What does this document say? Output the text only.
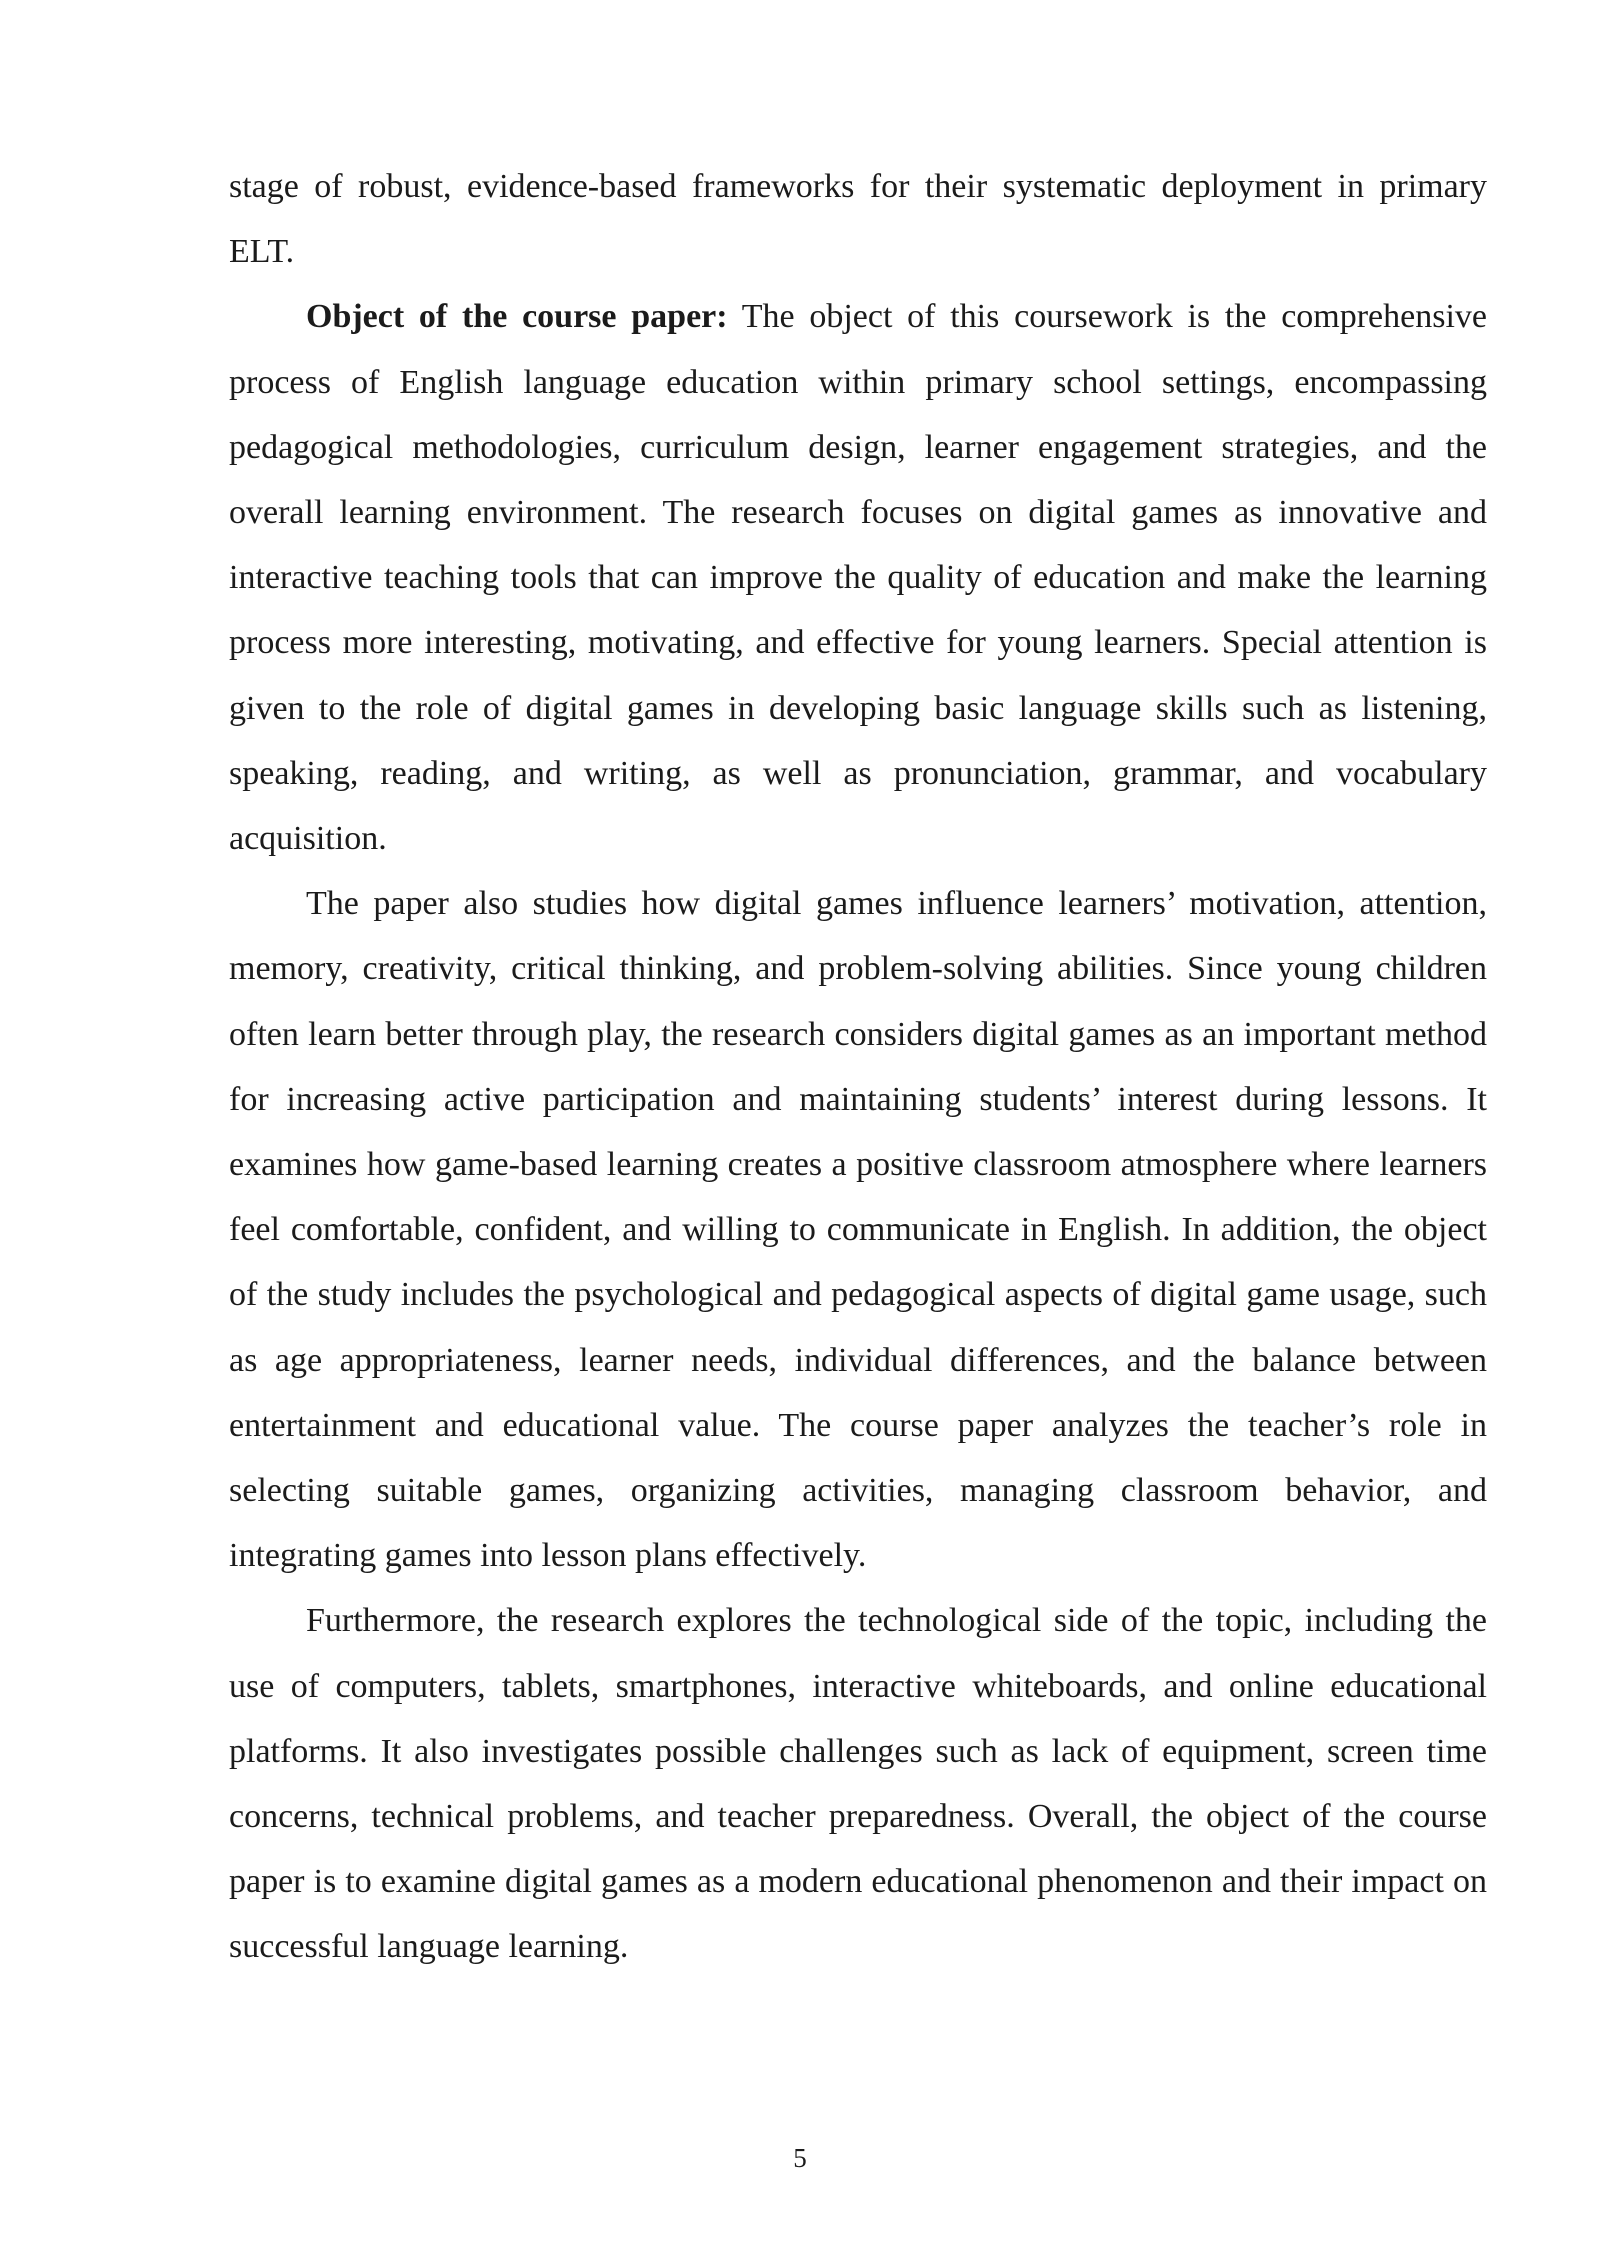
stage of robust, evidence-based frameworks for their systematic deployment in primary ELT.

Object of the course paper: The object of this coursework is the comprehensive process of English language education within primary school settings, encompassing pedagogical methodologies, curriculum design, learner engagement strategies, and the overall learning environment. The research focuses on digital games as innovative and interactive teaching tools that can improve the quality of education and make the learning process more interesting, motivating, and effective for young learners. Special attention is given to the role of digital games in developing basic language skills such as listening, speaking, reading, and writing, as well as pronunciation, grammar, and vocabulary acquisition.

The paper also studies how digital games influence learners’ motivation, attention, memory, creativity, critical thinking, and problem-solving abilities. Since young children often learn better through play, the research considers digital games as an important method for increasing active participation and maintaining students’ interest during lessons. It examines how game-based learning creates a positive classroom atmosphere where learners feel comfortable, confident, and willing to communicate in English. In addition, the object of the study includes the psychological and pedagogical aspects of digital game usage, such as age appropriateness, learner needs, individual differences, and the balance between entertainment and educational value. The course paper analyzes the teacher’s role in selecting suitable games, organizing activities, managing classroom behavior, and integrating games into lesson plans effectively.

Furthermore, the research explores the technological side of the topic, including the use of computers, tablets, smartphones, interactive whiteboards, and online educational platforms. It also investigates possible challenges such as lack of equipment, screen time concerns, technical problems, and teacher preparedness. Overall, the object of the course paper is to examine digital games as a modern educational phenomenon and their impact on successful language learning.

5
